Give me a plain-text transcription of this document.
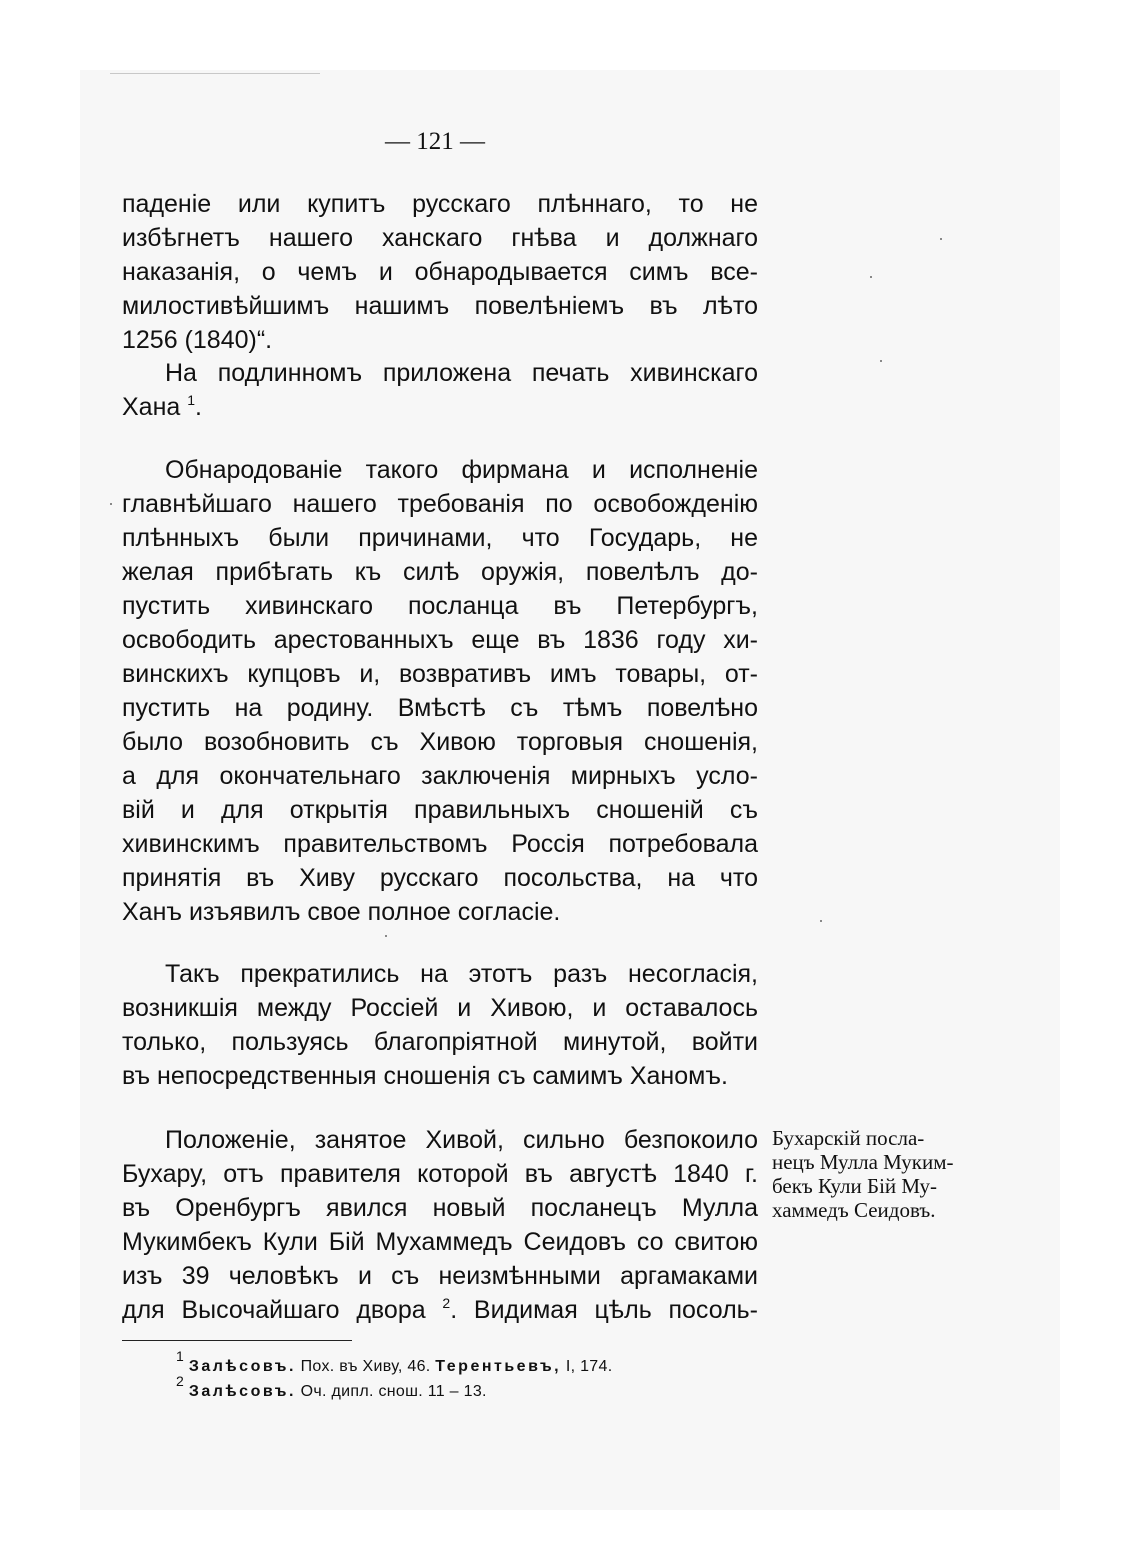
— 121 —
паденіе или купитъ русскаго плѣннаго, то не
избѣгнетъ нашего ханскаго гнѣва и должнаго
наказанія, о чемъ и обнародывается симъ все-
милостивѣйшимъ нашимъ повелѣніемъ въ лѣто
1256 (1840)“.
На подлинномъ приложена печать хивинскаго
Хана $^1$.
Обнародованіе такого фирмана и исполненіе
главнѣйшаго нашего требованія по освобожденію
плѣнныхъ были причинами, что Государь, не
желая прибѣгать къ силѣ оружія, повелѣлъ до-
пустить хивинскаго посланца въ Петербургъ,
освободить арестованныхъ еще въ 1836 году хи-
винскихъ купцовъ и, возвративъ имъ товары, от-
пустить на родину. Вмѣстѣ съ тѣмъ повелѣно
было возобновить съ Хивою торговыя сношенія,
а для окончательнаго заключенія мирныхъ усло-
вій и для открытія правильныхъ сношеній съ
хивинскимъ правительствомъ Россія потребовала
принятія въ Хиву русскаго посольства, на что
Ханъ изъявилъ свое полное согласіе.
Такъ прекратились на этотъ разъ несогласія,
возникшія между Россіей и Хивою, и оставалось
только, пользуясь благопріятной минутой, войти
въ непосредственныя сношенія съ самимъ Ханомъ.
Положеніе, занятое Хивой, сильно безпокоило
Бухару, отъ правителя которой въ августѣ 1840 г.
въ Оренбургъ явился новый посланецъ Мулла
Мукимбекъ Кули Бій Мухаммедъ Сеидовъ со свитою
изъ 39 человѣкъ и съ неизмѣнными аргамаками
для Высочайшаго двора $^2$. Видимая цѣль посоль-
Бухарскій посла-
нецъ Мулла Муким-
бекъ Кули Бій Му-
хаммедъ Сеидовъ.
$^1$ Залѣсовъ. Пох. въ Хиву, 46. Терентьевъ, I, 174.
$^2$ Залѣсовъ. Оч. дипл. снош. 11 – 13.
